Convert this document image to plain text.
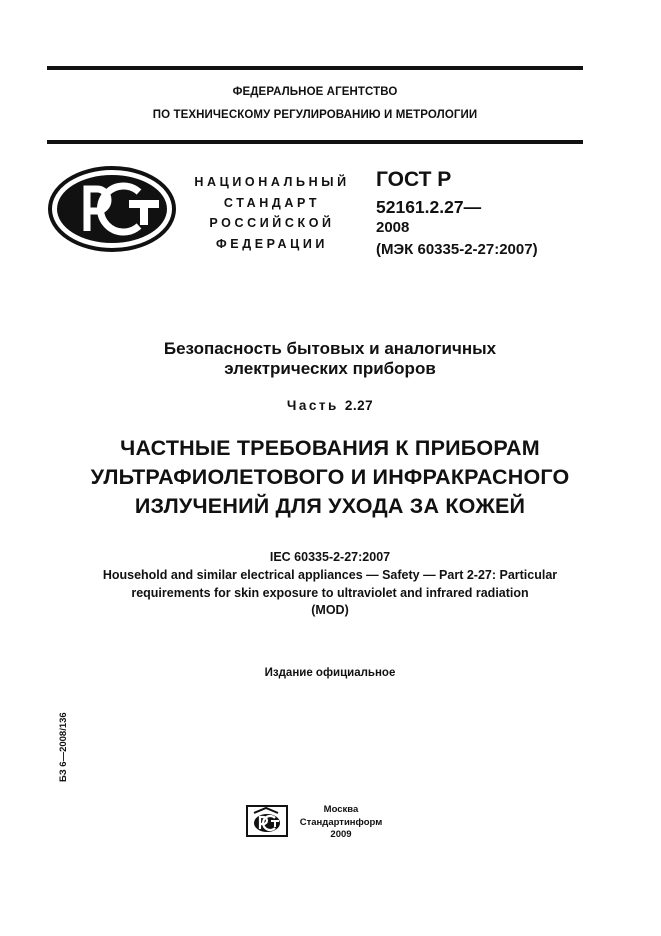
ФЕДЕРАЛЬНОЕ АГЕНТСТВО
ПО ТЕХНИЧЕСКОМУ РЕГУЛИРОВАНИЮ И МЕТРОЛОГИИ
НАЦИОНАЛЬНЫЙ
СТАНДАРТ
РОССИЙСКОЙ
ФЕДЕРАЦИИ
ГОСТ Р
52161.2.27—
2008
(МЭК 60335-2-27:2007)
Безопасность бытовых и аналогичных
электрических приборов
Часть 2.27
ЧАСТНЫЕ ТРЕБОВАНИЯ К ПРИБОРАМ
УЛЬТРАФИОЛЕТОВОГО И ИНФРАКРАСНОГО
ИЗЛУЧЕНИЙ ДЛЯ УХОДА ЗА КОЖЕЙ
IEC 60335-2-27:2007
Household and similar electrical appliances — Safety — Part 2-27: Particular
requirements for skin exposure to ultraviolet and infrared radiation
(MOD)
Издание официальное
БЗ 6—2008/136
Москва
Стандартинформ
2009
